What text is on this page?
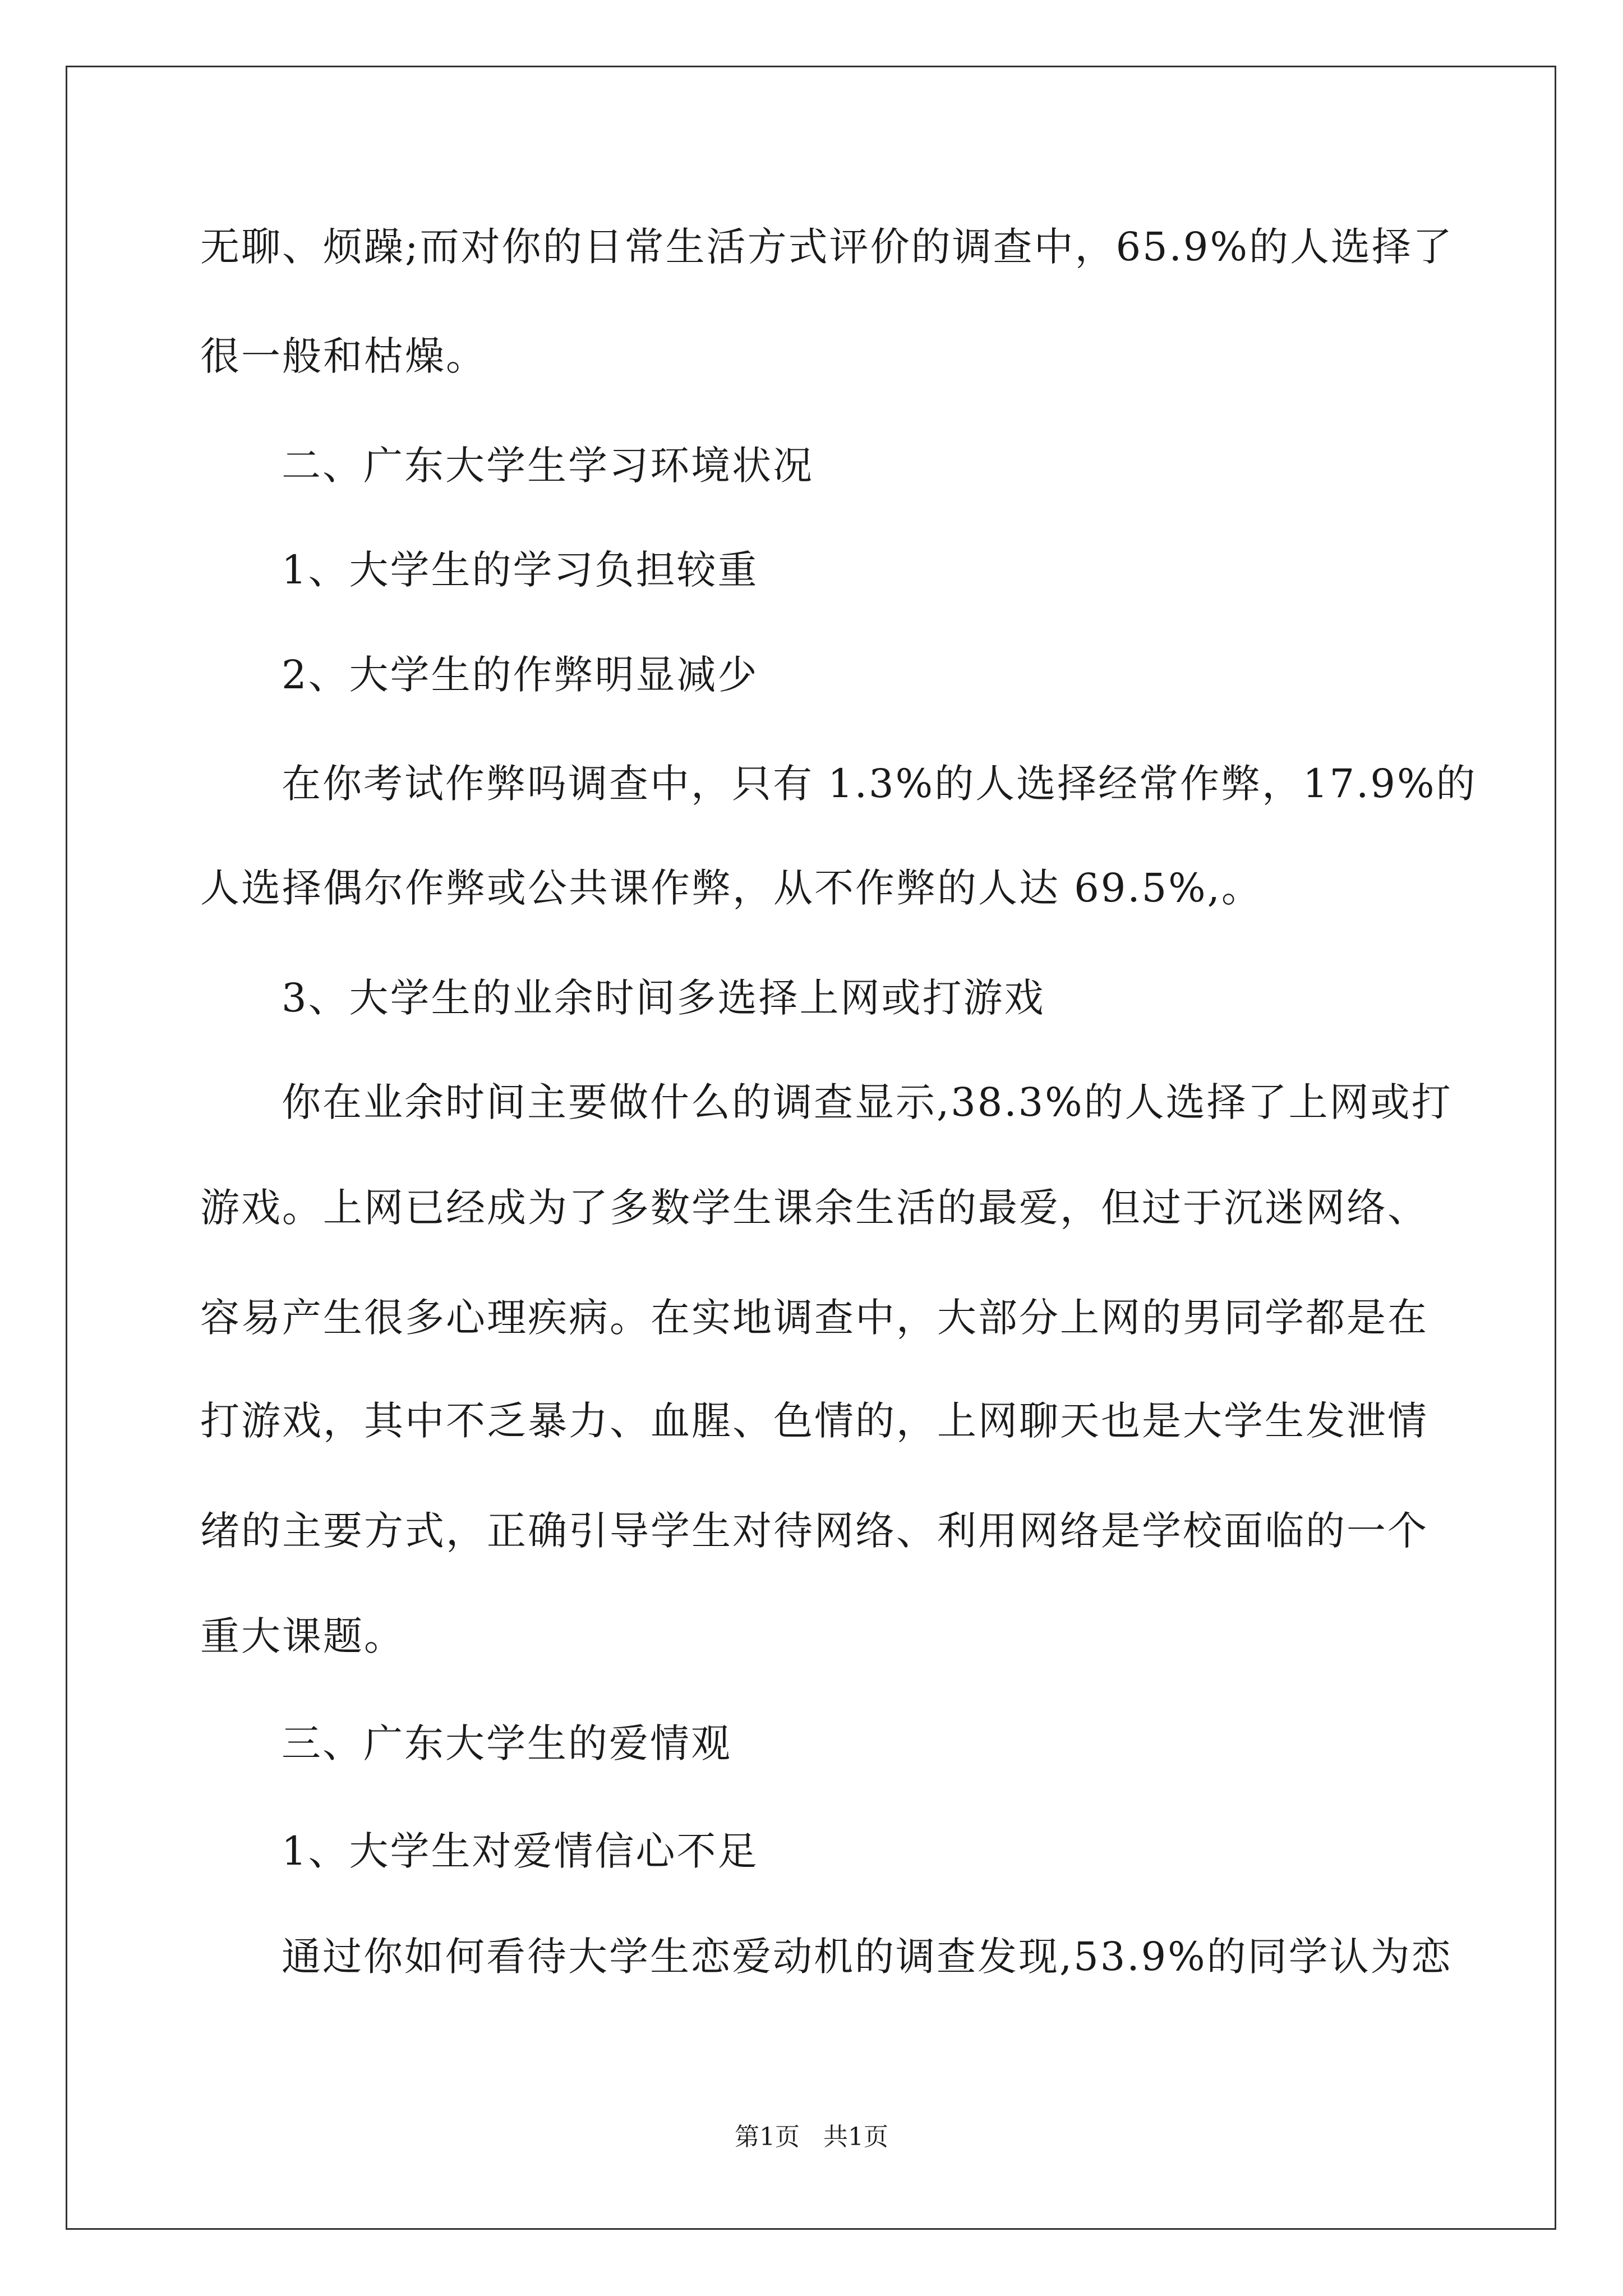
无聊、烦躁;而对你的日常生活方式评价的调查中，65.9%的人选择了
很一般和枯燥。
二、广东大学生学习环境状况
1、大学生的学习负担较重
2、大学生的作弊明显减少
在你考试作弊吗调查中，只有 1.3%的人选择经常作弊，17.9%的
人选择偶尔作弊或公共课作弊，从不作弊的人达 69.5%,。
3、大学生的业余时间多选择上网或打游戏
你在业余时间主要做什么的调查显示,38.3%的人选择了上网或打
游戏。上网已经成为了多数学生课余生活的最爱，但过于沉迷网络、
容易产生很多心理疾病。在实地调查中，大部分上网的男同学都是在
打游戏，其中不乏暴力、血腥、色情的，上网聊天也是大学生发泄情
绪的主要方式，正确引导学生对待网络、利用网络是学校面临的一个
重大课题。
三、广东大学生的爱情观
1、大学生对爱情信心不足
通过你如何看待大学生恋爱动机的调查发现,53.9%的同学认为恋
第1页   共1页
